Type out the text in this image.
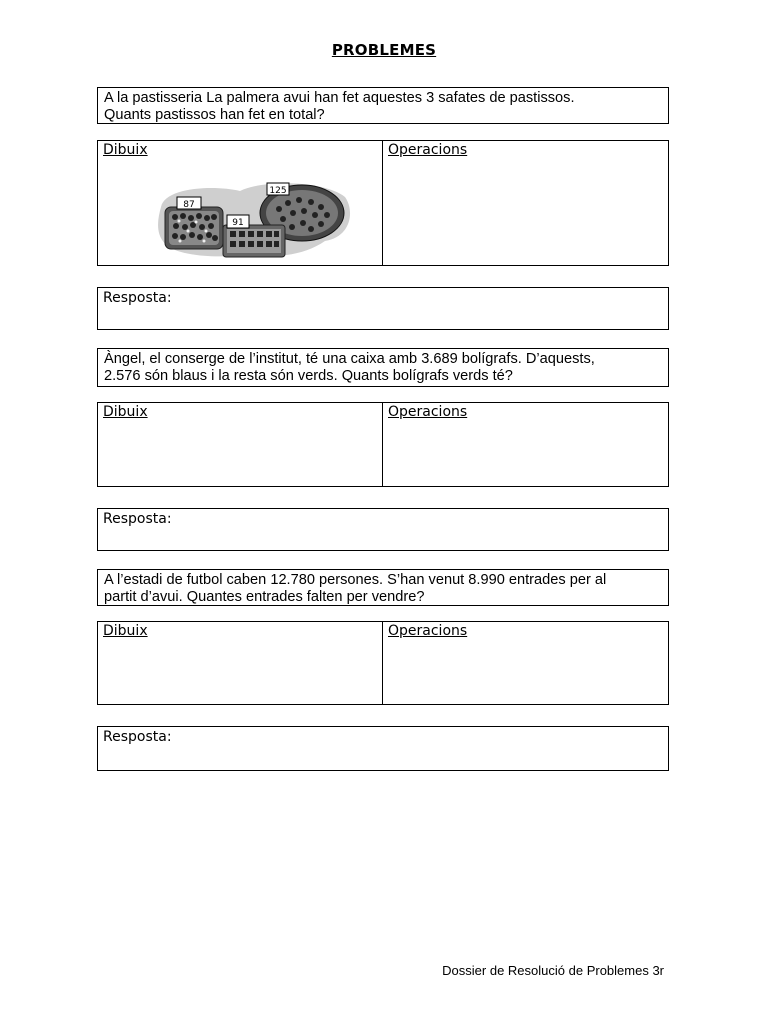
PROBLEMES

A la pastisseria La palmera avui han fet aquestes 3 safates de pastissos.

Quants pastissos han fet en total?

Dibuix
87
125
91
Operacions
Resposta:

Àngel, el conserge de l’institut, té una caixa amb 3.689 bolígrafs. D’aquests,

2.576 són blaus i la resta són verds. Quants bolígrafs verds té?

Dibuix	Operacions
Resposta:

A l’estadi de futbol caben 12.780 persones. S’han venut 8.990 entrades per al

partit d’avui. Quantes entrades falten per vendre?

Dibuix	Operacions
Resposta:
Dossier de Resolució de Problemes 3r
